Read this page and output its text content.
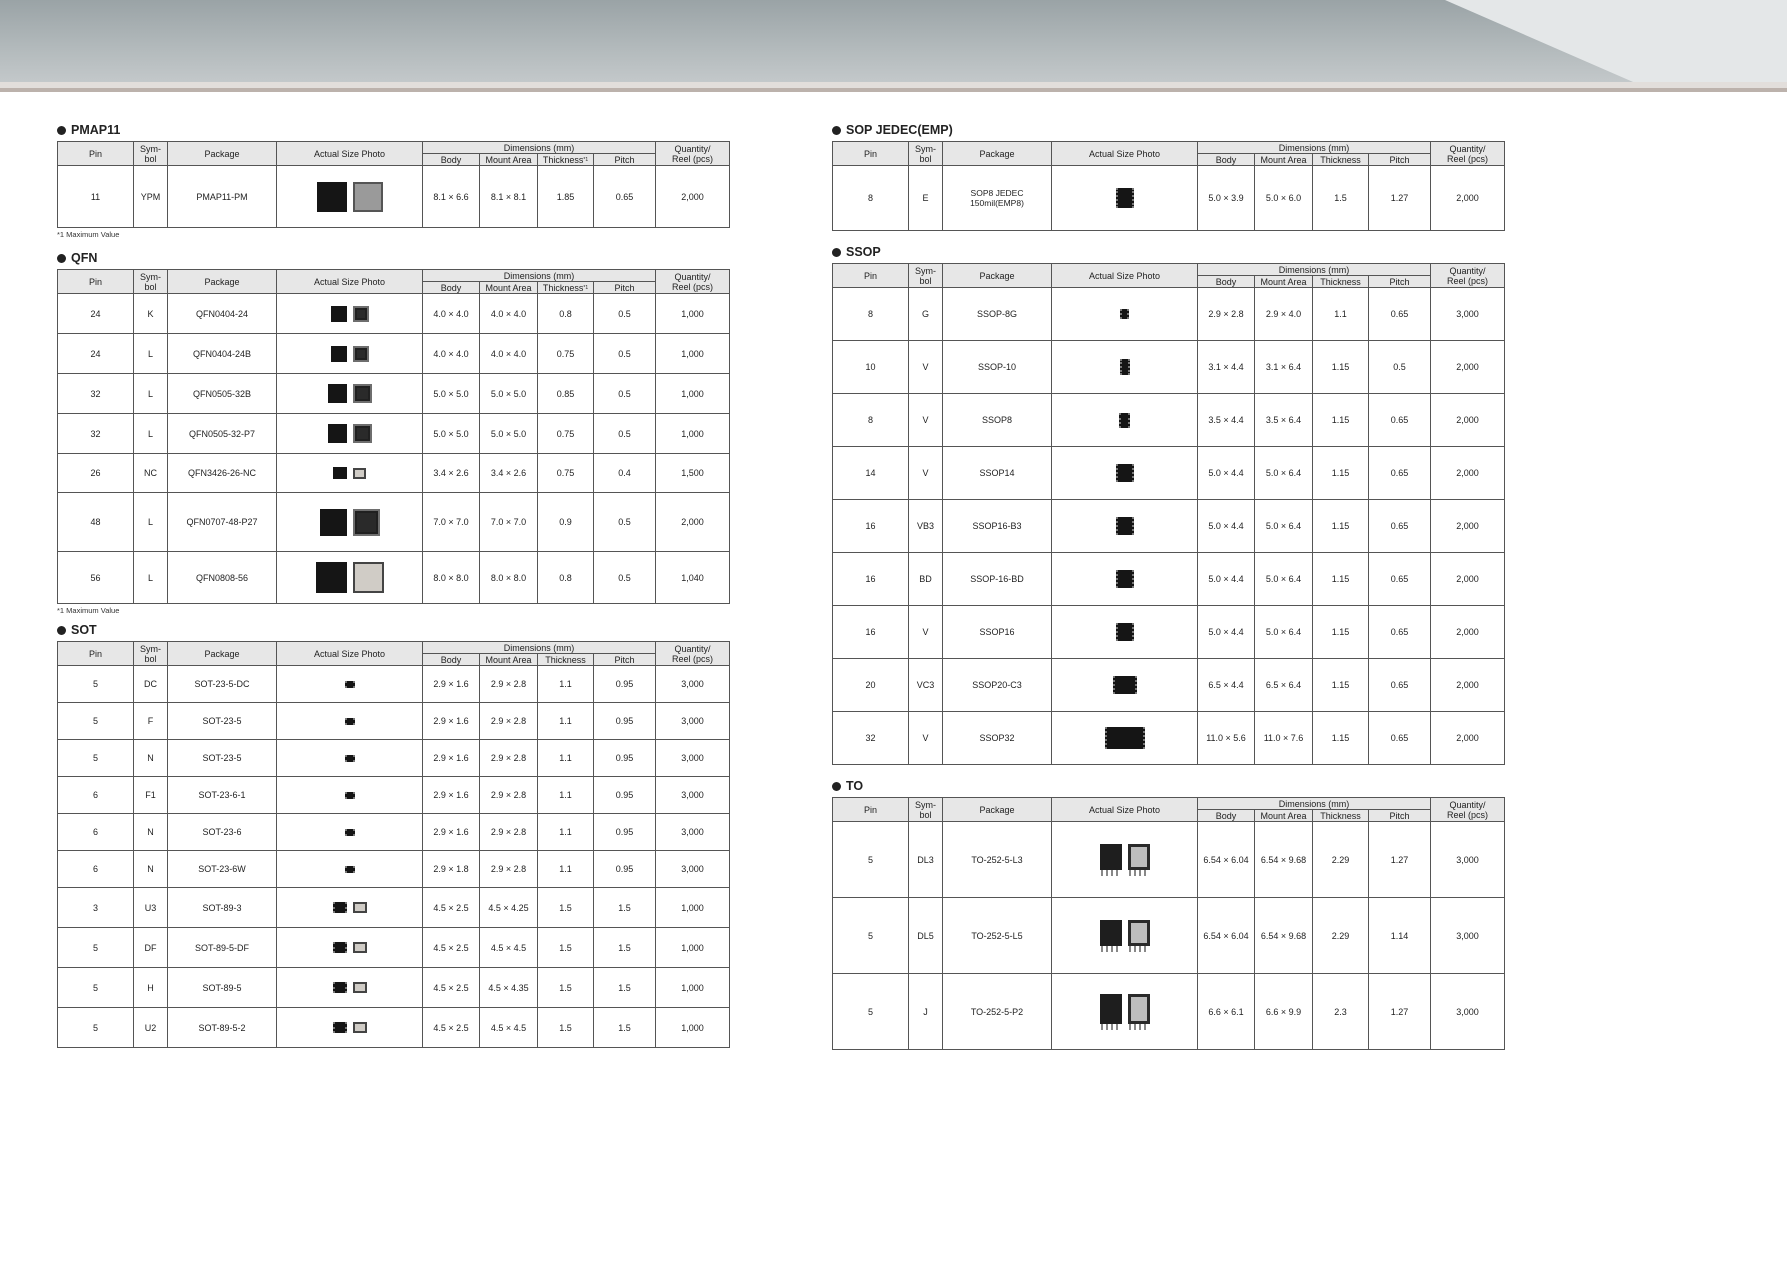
PMAP11
Pin	Sym-
bol	Package	Actual Size Photo	Dimensions (mm)				Quantity/
Reel (pcs)
				Body	Mount Area	Thickness$^{*1}$	Pitch	
11	YPM	PMAP11-PM		8.1 × 6.6	8.1 × 8.1	1.85	0.65	2,000
*1 Maximum Value
QFN
Pin	Sym-
bol	Package	Actual Size Photo	Dimensions (mm)				Quantity/
Reel (pcs)
				Body	Mount Area	Thickness$^{*1}$	Pitch	
24	K	QFN0404-24		4.0 × 4.0	4.0 × 4.0	0.8	0.5	1,000
24	L	QFN0404-24B		4.0 × 4.0	4.0 × 4.0	0.75	0.5	1,000
32	L	QFN0505-32B		5.0 × 5.0	5.0 × 5.0	0.85	0.5	1,000
32	L	QFN0505-32-P7		5.0 × 5.0	5.0 × 5.0	0.75	0.5	1,000
26	NC	QFN3426-26-NC		3.4 × 2.6	3.4 × 2.6	0.75	0.4	1,500
48	L	QFN0707-48-P27		7.0 × 7.0	7.0 × 7.0	0.9	0.5	2,000
56	L	QFN0808-56		8.0 × 8.0	8.0 × 8.0	0.8	0.5	1,040
*1 Maximum Value
SOT
Pin	Sym-
bol	Package	Actual Size Photo	Dimensions (mm)				Quantity/
Reel (pcs)
				Body	Mount Area	Thickness	Pitch	
5	DC	SOT-23-5-DC		2.9 × 1.6	2.9 × 2.8	1.1	0.95	3,000
5	F	SOT-23-5		2.9 × 1.6	2.9 × 2.8	1.1	0.95	3,000
5	N	SOT-23-5		2.9 × 1.6	2.9 × 2.8	1.1	0.95	3,000
6	F1	SOT-23-6-1		2.9 × 1.6	2.9 × 2.8	1.1	0.95	3,000
6	N	SOT-23-6		2.9 × 1.6	2.9 × 2.8	1.1	0.95	3,000
6	N	SOT-23-6W		2.9 × 1.8	2.9 × 2.8	1.1	0.95	3,000
3	U3	SOT-89-3		4.5 × 2.5	4.5 × 4.25	1.5	1.5	1,000
5	DF	SOT-89-5-DF		4.5 × 2.5	4.5 × 4.5	1.5	1.5	1,000
5	H	SOT-89-5		4.5 × 2.5	4.5 × 4.35	1.5	1.5	1,000
5	U2	SOT-89-5-2		4.5 × 2.5	4.5 × 4.5	1.5	1.5	1,000
SOP JEDEC(EMP)
Pin	Sym-
bol	Package	Actual Size Photo	Dimensions (mm)				Quantity/
Reel (pcs)
				Body	Mount Area	Thickness	Pitch	
8	E	SOP8 JEDEC 150mil(EMP8)		5.0 × 3.9	5.0 × 6.0	1.5	1.27	2,000
SSOP
Pin	Sym-
bol	Package	Actual Size Photo	Dimensions (mm)				Quantity/
Reel (pcs)
				Body	Mount Area	Thickness	Pitch	
8	G	SSOP-8G		2.9 × 2.8	2.9 × 4.0	1.1	0.65	3,000
10	V	SSOP-10		3.1 × 4.4	3.1 × 6.4	1.15	0.5	2,000
8	V	SSOP8		3.5 × 4.4	3.5 × 6.4	1.15	0.65	2,000
14	V	SSOP14		5.0 × 4.4	5.0 × 6.4	1.15	0.65	2,000
16	VB3	SSOP16-B3		5.0 × 4.4	5.0 × 6.4	1.15	0.65	2,000
16	BD	SSOP-16-BD		5.0 × 4.4	5.0 × 6.4	1.15	0.65	2,000
16	V	SSOP16		5.0 × 4.4	5.0 × 6.4	1.15	0.65	2,000
20	VC3	SSOP20-C3		6.5 × 4.4	6.5 × 6.4	1.15	0.65	2,000
32	V	SSOP32		11.0 × 5.6	11.0 × 7.6	1.15	0.65	2,000
TO
Pin	Sym-
bol	Package	Actual Size Photo	Dimensions (mm)				Quantity/
Reel (pcs)
				Body	Mount Area	Thickness	Pitch	
5	DL3	TO-252-5-L3		6.54 × 6.04	6.54 × 9.68	2.29	1.27	3,000
5	DL5	TO-252-5-L5		6.54 × 6.04	6.54 × 9.68	2.29	1.14	3,000
5	J	TO-252-5-P2		6.6 × 6.1	6.6 × 9.9	2.3	1.27	3,000
